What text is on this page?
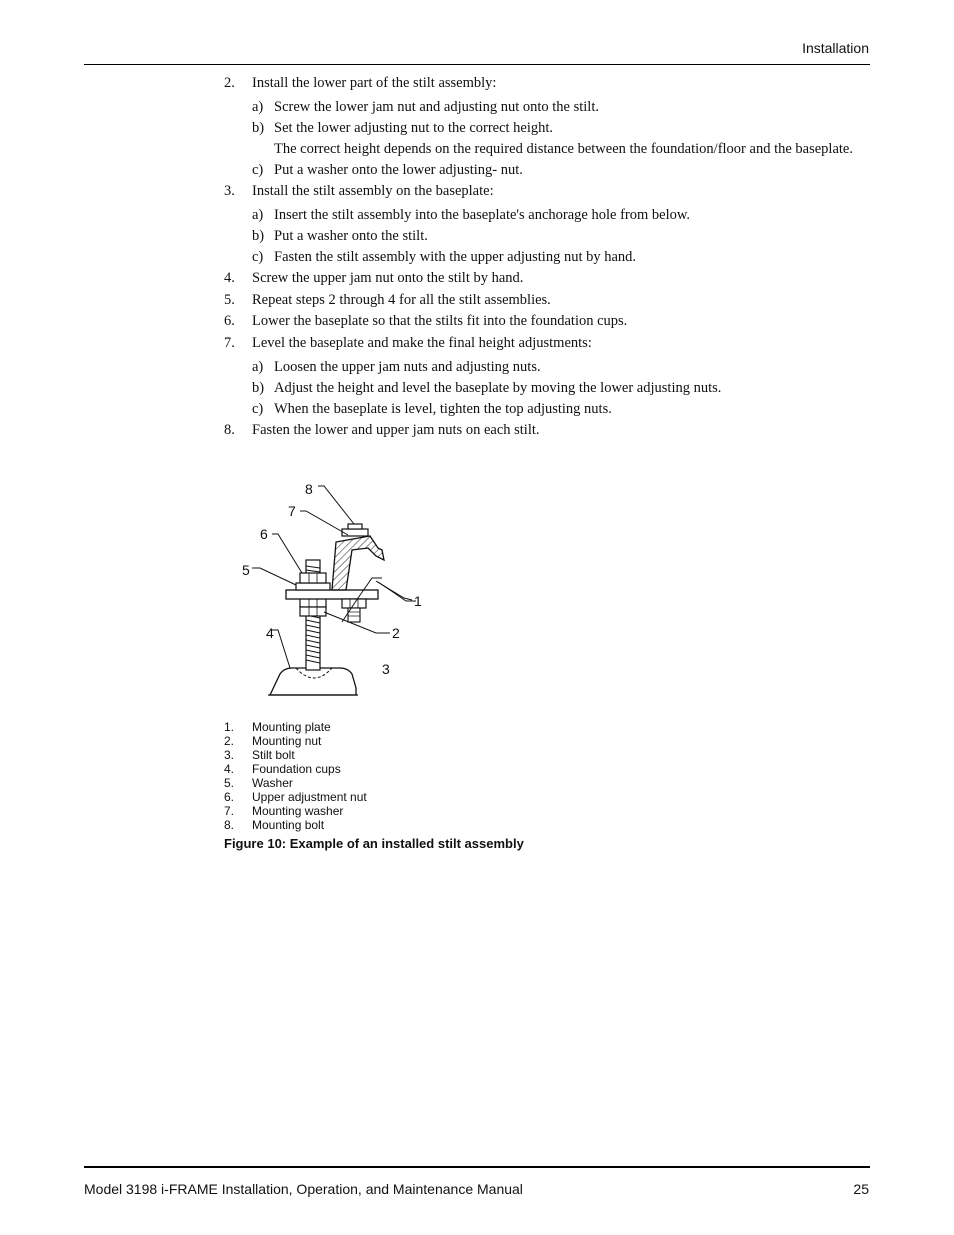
Installation
2. Install the lower part of the stilt assembly:
a) Screw the lower jam nut and adjusting nut onto the stilt.
b) Set the lower adjusting nut to the correct height.
The correct height depends on the required distance between the foundation/floor and the baseplate.
c) Put a washer onto the lower adjusting- nut.
3. Install the stilt assembly on the baseplate:
a) Insert the stilt assembly into the baseplate's anchorage hole from below.
b) Put a washer onto the stilt.
c) Fasten the stilt assembly with the upper adjusting nut by hand.
4. Screw the upper jam nut onto the stilt by hand.
5. Repeat steps 2 through 4 for all the stilt assemblies.
6. Lower the baseplate so that the stilts fit into the foundation cups.
7. Level the baseplate and make the final height adjustments:
a) Loosen the upper jam nuts and adjusting nuts.
b) Adjust the height and level the baseplate by moving the lower adjusting nuts.
c) When the baseplate is level, tighten the top adjusting nuts.
8. Fasten the lower and upper jam nuts on each stilt.
8
7
6
5
4
3
2
1
1. Mounting plate
2. Mounting nut
3. Stilt bolt
4. Foundation cups
5. Washer
6. Upper adjustment nut
7. Mounting washer
8. Mounting bolt
Figure 10: Example of an installed stilt assembly
Model 3198 i-FRAME Installation, Operation, and Maintenance Manual	25
